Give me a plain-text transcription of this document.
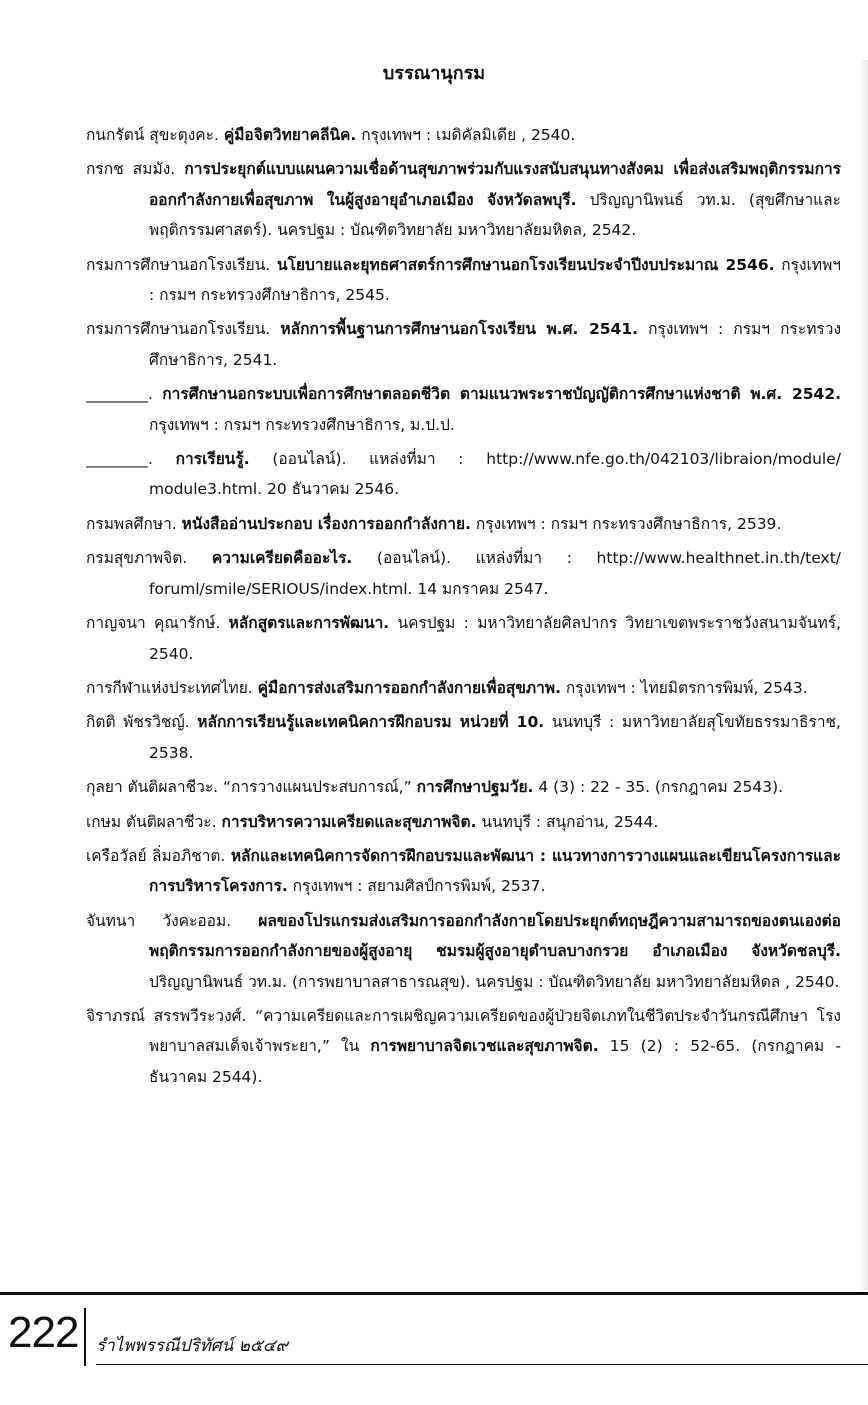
บรรณานุกรม

กนกรัตน์ สุขะตุงคะ. คู่มือจิตวิทยาคลีนิค. กรุงเทพฯ : เมดิคัลมิเดีย , 2540.

กรกช สมมัง. การประยุกต์แบบแผนความเชื่อด้านสุขภาพร่วมกับแรงสนับสนุนทางสังคม เพื่อส่งเสริมพฤติกรรมการออกกำลังกายเพื่อสุขภาพ ในผู้สูงอายุอำเภอเมือง จังหวัดลพบุรี. ปริญญานิพนธ์ วท.ม. (สุขศึกษาและพฤติกรรมศาสตร์). นครปฐม : บัณฑิตวิทยาลัย มหาวิทยาลัยมหิดล, 2542.

กรมการศึกษานอกโรงเรียน. นโยบายและยุทธศาสตร์การศึกษานอกโรงเรียนประจำปีงบประมาณ 2546. กรุงเทพฯ : กรมฯ กระทรวงศึกษาธิการ, 2545.

กรมการศึกษานอกโรงเรียน. หลักการพื้นฐานการศึกษานอกโรงเรียน พ.ศ. 2541. กรุงเทพฯ : กรมฯ กระทรวงศึกษาธิการ, 2541.

________. การศึกษานอกระบบเพื่อการศึกษาตลอดชีวิต ตามแนวพระราชบัญญัติการศึกษาแห่งชาติ พ.ศ. 2542. กรุงเทพฯ : กรมฯ กระทรวงศึกษาธิการ, ม.ป.ป.

________. การเรียนรู้. (ออนไลน์). แหล่งที่มา : http://www.nfe.go.th/042103/libraion/module/ module3.html. 20 ธันวาคม 2546.

กรมพลศึกษา. หนังสืออ่านประกอบ เรื่องการออกกำลังกาย. กรุงเทพฯ : กรมฯ กระทรวงศึกษาธิการ, 2539.

กรมสุขภาพจิต. ความเครียดคืออะไร. (ออนไลน์). แหล่งที่มา : http://www.healthnet.in.th/text/ foruml/smile/SERIOUS/index.html. 14 มกราคม 2547.

กาญจนา คุณารักษ์. หลักสูตรและการพัฒนา. นครปฐม : มหาวิทยาลัยศิลปากร วิทยาเขตพระราชวังสนามจันทร์, 2540.

การกีฬาแห่งประเทศไทย. คู่มือการส่งเสริมการออกกำลังกายเพื่อสุขภาพ. กรุงเทพฯ : ไทยมิตรการพิมพ์, 2543.

กิตติ พัชรวิชญ์. หลักการเรียนรู้และเทคนิคการฝึกอบรม หน่วยที่ 10. นนทบุรี : มหาวิทยาลัยสุโขทัยธรรมาธิราช, 2538.

กุลยา ตันติผลาชีวะ. “การวางแผนประสบการณ์,” การศึกษาปฐมวัย. 4 (3) : 22 - 35. (กรกฎาคม 2543).

เกษม ตันติผลาชีวะ. การบริหารความเครียดและสุขภาพจิต. นนทบุรี : สนุกอ่าน, 2544.

เครือวัลย์ ลิ่มอภิชาต. หลักและเทคนิคการจัดการฝึกอบรมและพัฒนา : แนวทางการวางแผนและเขียนโครงการและการบริหารโครงการ. กรุงเทพฯ : สยามศิลป์การพิมพ์, 2537.

จันทนา วังคะออม. ผลของโปรแกรมส่งเสริมการออกกำลังกายโดยประยุกต์ทฤษฎีความสามารถของตนเองต่อพฤติกรรมการออกกำลังกายของผู้สูงอายุ ชมรมผู้สูงอายุตำบลบางกรวย อำเภอเมือง จังหวัดชลบุรี. ปริญญานิพนธ์ วท.ม. (การพยาบาลสาธารณสุข). นครปฐม : บัณฑิตวิทยาลัย มหาวิทยาลัยมหิดล , 2540.

จิราภรณ์ สรรพวีระวงศ์. “ความเครียดและการเผชิญความเครียดของผู้ป่วยจิตเภทในชีวิตประจำวันกรณีศึกษา โรงพยาบาลสมเด็จเจ้าพระยา,” ใน การพยาบาลจิตเวชและสุขภาพจิต. 15 (2) : 52-65. (กรกฎาคม - ธันวาคม 2544).

222 รำไพพรรณีปริทัศน์ ๒๕๔๙
